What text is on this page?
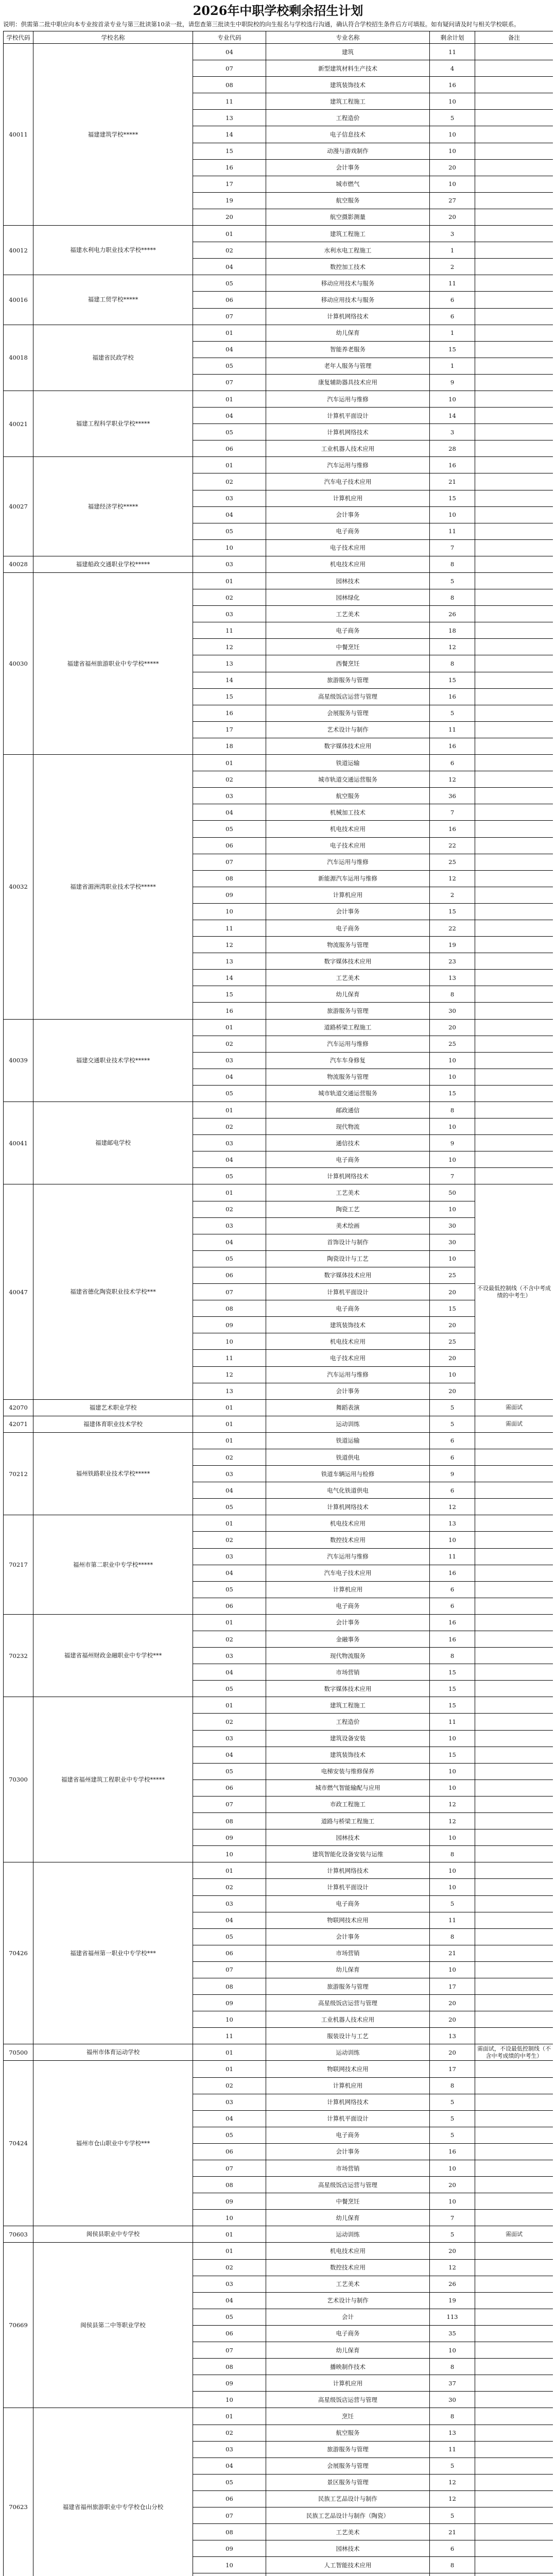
2026年中职学校剩余招生计划
说明：供需第二批中职应向本专业按首录专业与第三批读第10录一批，请您查第三批读生中职院校的向生报名与学校选行沟通，确认符合学校招生条件后方可填报。如有疑问请及时与相关学校联系。
学校代码	学校名称	专业代码	专业名称	剩余计划	备注
40011	福建建筑学校*****	04	建筑	11	
		07	新型建筑材料生产技术	4	
		08	建筑装饰技术	16	
		11	建筑工程施工	10	
		13	工程造价	5	
		14	电子信息技术	10	
		15	动漫与游戏制作	10	
		16	会计事务	20	
		17	城市燃气	10	
		19	航空服务	27	
		20	航空摄影测量	20	
40012	福建水利电力职业技术学校*****	01	建筑工程施工	3	
		02	水利水电工程施工	1	
		04	数控加工技术	2	
40016	福建工贸学校*****	05	移动应用技术与服务	11	
		06	移动应用技术与服务	6	
		07	计算机网络技术	6	
40018	福建省民政学校	01	幼儿保育	1	
		04	智能养老服务	15	
		05	老年人服务与管理	1	
		07	康复辅助器具技术应用	9	
40021	福建工程科学职业学校*****	01	汽车运用与维修	10	
		04	计算机平面设计	14	
		05	计算机网络技术	3	
		06	工业机器人技术应用	28	
40027	福建经济学校*****	01	汽车运用与维修	16	
		02	汽车电子技术应用	21	
		03	计算机应用	15	
		04	会计事务	10	
		05	电子商务	11	
		10	电子技术应用	7	
40028	福建船政交通职业学校*****	03	机电技术应用	8	
40030	福建省福州旅游职业中专学校*****	01	园林技术	5	
		02	园林绿化	8	
		03	工艺美术	26	
		11	电子商务	18	
		12	中餐烹饪	12	
		13	西餐烹饪	8	
		14	旅游服务与管理	15	
		15	高星级饭店运营与管理	16	
		16	会展服务与管理	5	
		17	艺术设计与制作	11	
		18	数字媒体技术应用	16	
40032	福建省湄洲湾职业技术学校*****	01	铁道运输	6	
		02	城市轨道交通运营服务	12	
		03	航空服务	36	
		04	机械加工技术	7	
		05	机电技术应用	16	
		06	电子技术应用	22	
		07	汽车运用与维修	25	
		08	新能源汽车运用与维修	12	
		09	计算机应用	2	
		10	会计事务	15	
		11	电子商务	22	
		12	物流服务与管理	19	
		13	数字媒体技术应用	23	
		14	工艺美术	13	
		15	幼儿保育	8	
		16	旅游服务与管理	30	
40039	福建交通职业技术学校*****	01	道路桥梁工程施工	20	
		02	汽车运用与维修	25	
		03	汽车车身修复	10	
		04	物流服务与管理	10	
		05	城市轨道交通运营服务	15	
40041	福建邮电学校	01	邮政通信	8	
		02	现代物流	10	
		03	通信技术	9	
		04	电子商务	10	
		05	计算机网络技术	7	
40047	福建省德化陶瓷职业技术学校***	01	工艺美术	50	不设最低控制线（不含中考成绩的中考生）
		02	陶瓷工艺	10	
		03	美术绘画	30	
		04	首饰设计与制作	30	
		05	陶瓷设计与工艺	10	
		06	数字媒体技术应用	25	
		07	计算机平面设计	20	
		08	电子商务	15	
		09	建筑装饰技术	20	
		10	机电技术应用	25	
		11	电子技术应用	20	
		12	汽车运用与维修	10	
		13	会计事务	20	
42070	福建艺术职业学校	01	舞蹈表演	5	需面试
42071	福建体育职业技术学校	01	运动训练	5	需面试
70212	福州铁路职业技术学校*****	01	铁道运输	6	
		02	铁道供电	6	
		03	铁道车辆运用与检修	9	
		04	电气化铁道供电	6	
		05	计算机网络技术	12	
70217	福州市第二职业中专学校*****	01	机电技术应用	13	
		02	数控技术应用	10	
		03	汽车运用与维修	11	
		04	汽车电子技术应用	16	
		05	计算机应用	6	
		06	电子商务	6	
70232	福建省福州财政金融职业中专学校***	01	会计事务	16	
		02	金融事务	16	
		03	现代物流服务	8	
		04	市场营销	15	
		05	数字媒体技术应用	15	
70300	福建省福州建筑工程职业中专学校*****	01	建筑工程施工	15	
		02	工程造价	11	
		03	建筑设备安装	10	
		04	建筑装饰技术	15	
		05	电梯安装与维修保养	10	
		06	城市燃气智能输配与应用	10	
		07	市政工程施工	12	
		08	道路与桥梁工程施工	12	
		09	园林技术	10	
		10	建筑智能化设备安装与运维	8	
70426	福建省福州第一职业中专学校***	01	计算机网络技术	10	
		02	计算机平面设计	10	
		03	电子商务	5	
		04	物联网技术应用	11	
		05	会计事务	8	
		06	市场营销	21	
		07	幼儿保育	10	
		08	旅游服务与管理	17	
		09	高星级饭店运营与管理	20	
		10	工业机器人技术应用	20	
		11	服装设计与工艺	13	
70500	福州市体育运动学校	01	运动训练	20	需面试，不设最低控制线（不含中考成绩的中考生）
70424	福州市仓山职业中专学校***	01	物联网技术应用	17	
		02	计算机应用	8	
		03	计算机网络技术	5	
		04	计算机平面设计	5	
		05	电子商务	5	
		06	会计事务	16	
		07	市场营销	10	
		08	高星级饭店运营与管理	20	
		09	中餐烹饪	10	
		10	幼儿保育	7	
70603	闽侯县职业中专学校	01	运动训练	5	需面试
70669	闽侯县第二中等职业学校	01	机电技术应用	20	
		02	数控技术应用	12	
		03	工艺美术	26	
		04	艺术设计与制作	19	
		05	会计	113	
		06	电子商务	35	
		07	幼儿保育	10	
		08	播映制作技术	8	
		09	计算机应用	37	
		10	高星级饭店运营与管理	30	
70623	福建省福州旅游职业中专学校仓山分校	01	烹饪	8	
		02	航空服务	13	
		03	旅游服务与管理	11	
		04	会展服务与管理	5	
		05	景区服务与管理	12	
		06	民族工艺品设计与制作	12	
		07	民族工艺品设计与制作（陶瓷）	5	
		08	工艺美术	21	
		09	园林技术	6	
		10	人工智能技术应用	8	
